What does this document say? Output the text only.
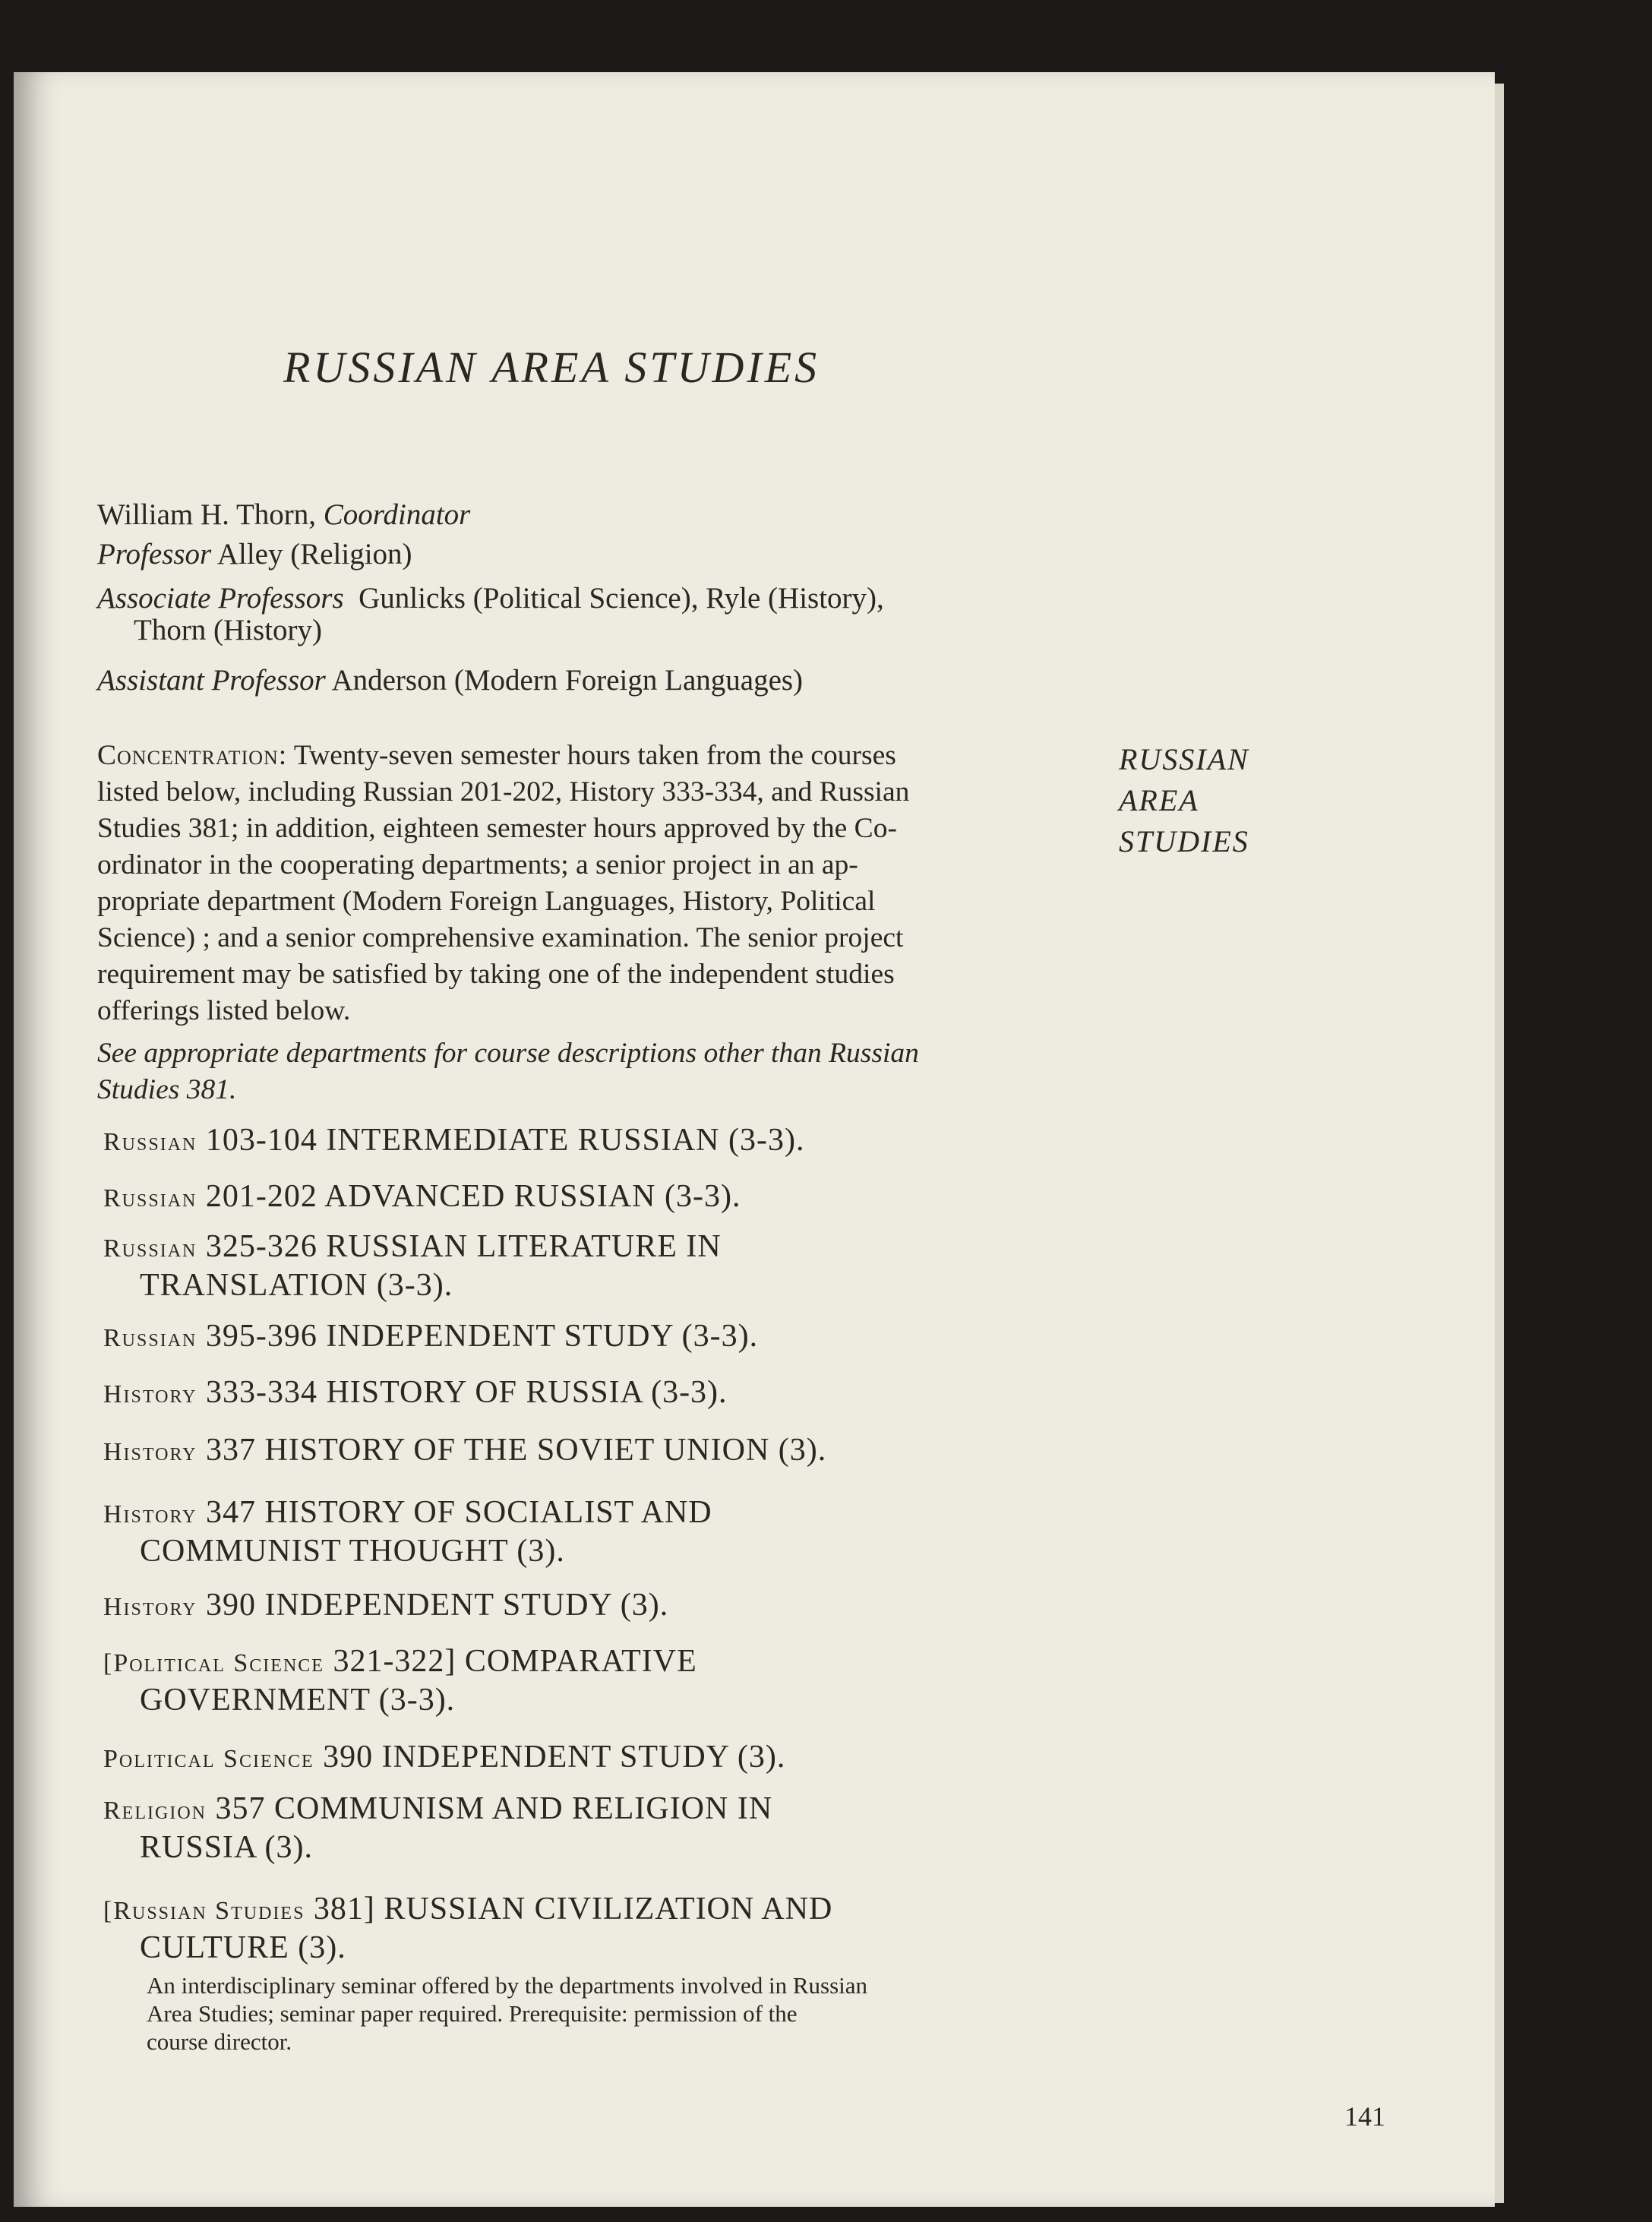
RUSSIAN AREA STUDIES
William H. Thorn, Coordinator
Professor Alley (Religion)
Associate Professors Gunlicks (Political Science), Ryle (History),
Thorn (History)
Assistant Professor Anderson (Modern Foreign Languages)
Concentration: Twenty-seven semester hours taken from the courses
listed below, including Russian 201-202, History 333-334, and Russian
Studies 381; in addition, eighteen semester hours approved by the Co-
ordinator in the cooperating departments; a senior project in an ap-
propriate department (Modern Foreign Languages, History, Political
Science) ; and a senior comprehensive examination. The senior project
requirement may be satisfied by taking one of the independent studies
offerings listed below.
See appropriate departments for course descriptions other than Russian
Studies 381.
Russian 103-104 INTERMEDIATE RUSSIAN (3-3).
Russian 201-202 ADVANCED RUSSIAN (3-3).
Russian 325-326 RUSSIAN LITERATURE IN
TRANSLATION (3-3).
Russian 395-396 INDEPENDENT STUDY (3-3).
History 333-334 HISTORY OF RUSSIA (3-3).
History 337 HISTORY OF THE SOVIET UNION (3).
History 347 HISTORY OF SOCIALIST AND
COMMUNIST THOUGHT (3).
History 390 INDEPENDENT STUDY (3).
[Political Science 321-322] COMPARATIVE
GOVERNMENT (3-3).
Political Science 390 INDEPENDENT STUDY (3).
Religion 357 COMMUNISM AND RELIGION IN
RUSSIA (3).
[Russian Studies 381] RUSSIAN CIVILIZATION AND
CULTURE (3).
An interdisciplinary seminar offered by the departments involved in Russian
Area Studies; seminar paper required. Prerequisite: permission of the
course director.
RUSSIAN
AREA
STUDIES
141
